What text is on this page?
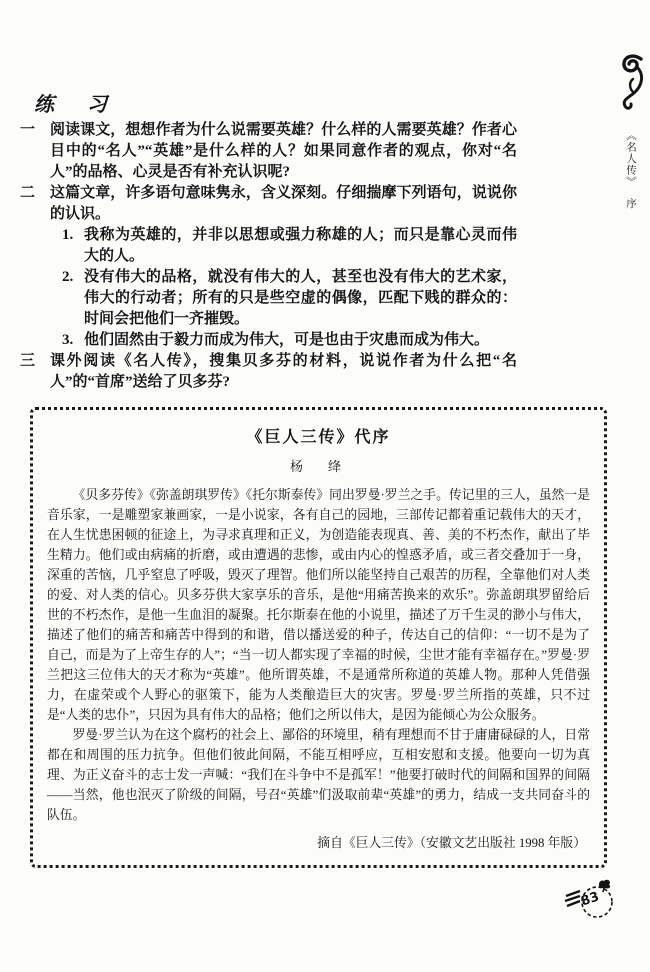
练 习
一 阅读课文，想想作者为什么说需要英雄？什么样的人需要英雄？作者心目中的“名人”“英雄”是什么样的人？如果同意作者的观点，你对“名人”的品格、心灵是否有补充认识呢?

二 这篇文章，许多语句意味隽永，含义深刻。仔细揣摩下列语句，说说你的认识。

1. 我称为英雄的，并非以思想或强力称雄的人；而只是靠心灵而伟大的人。

2. 没有伟大的品格，就没有伟大的人，甚至也没有伟大的艺术家，伟大的行动者；所有的只是些空虚的偶像，匹配下贱的群众的：时间会把他们一齐摧毁。

3. 他们固然由于毅力而成为伟大，可是也由于灾患而成为伟大。

三 课外阅读《名人传》，搜集贝多芬的材料，说说作者为什么把“名人”的“首席”送给了贝多芬?

《巨人三传》代序
杨　绛

《贝多芬传》《弥盖朗琪罗传》《托尔斯泰传》同出罗曼·罗兰之手。传记里的三人，虽然一是音乐家，一是雕塑家兼画家，一是小说家，各有自己的园地，三部传记都着重记载伟大的天才，在人生忧患困顿的征途上，为寻求真理和正义，为创造能表现真、善、美的不朽杰作，献出了毕生精力。他们或由病痛的折磨，或由遭遇的悲惨，或由内心的惶惑矛盾，或三者交叠加于一身，深重的苦恼，几乎窒息了呼吸，毁灭了理智。他们所以能坚持自己艰苦的历程，全靠他们对人类的爱、对人类的信心。贝多芬供大家享乐的音乐，是他“用痛苦换来的欢乐”。弥盖朗琪罗留给后世的不朽杰作，是他一生血泪的凝聚。托尔斯泰在他的小说里，描述了万千生灵的渺小与伟大，描述了他们的痛苦和痛苦中得到的和谐，借以播送爱的种子，传达自己的信仰：“一切不是为了自己，而是为了上帝生存的人”；“当一切人都实现了幸福的时候，尘世才能有幸福存在。”罗曼·罗兰把这三位伟大的天才称为“英雄”。他所谓英雄，不是通常所称道的英雄人物。那种人凭借强力，在虚荣或个人野心的驱策下，能为人类酿造巨大的灾害。罗曼·罗兰所指的英雄，只不过是“人类的忠仆”，只因为具有伟大的品格；他们之所以伟大，是因为能倾心为公众服务。

罗曼·罗兰认为在这个腐朽的社会上、鄙俗的环境里，稍有理想而不甘于庸庸碌碌的人，日常都在和周围的压力抗争。但他们彼此间隔，不能互相呼应，互相安慰和支援。他要向一切为真理、为正义奋斗的志士发一声喊：“我们在斗争中不是孤军！”他要打破时代的间隔和国界的间隔——当然，他也泯灭了阶级的间隔，号召“英雄”们汲取前辈“英雄”的勇力，结成一支共同奋斗的队伍。

摘自《巨人三传》（安徽文艺出版社 1998 年版）
《名人传》序
83
